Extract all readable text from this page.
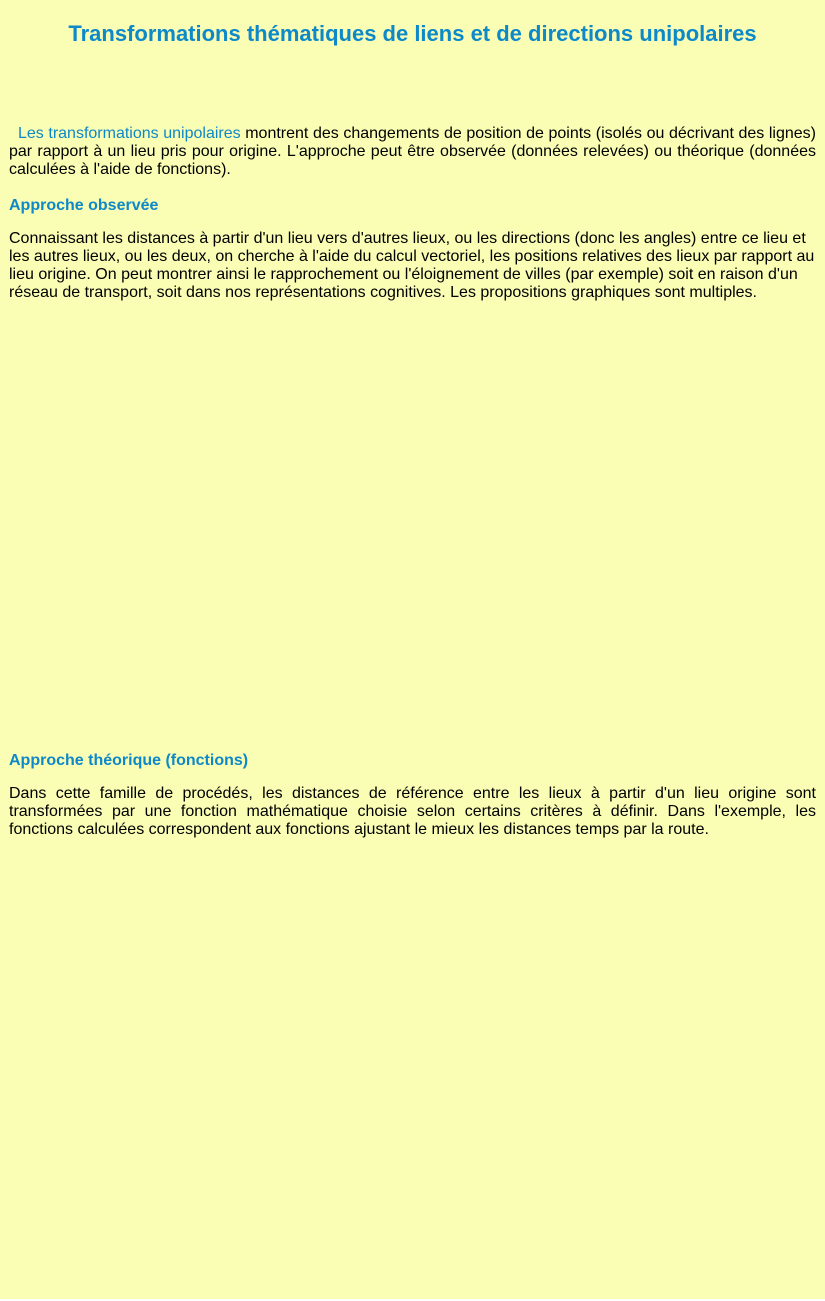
Transformations thématiques de liens et de directions unipolaires

Les transformations unipolaires montrent des changements de position de points (isolés ou décrivant des lignes) par rapport à un lieu pris pour origine. L'approche peut être observée (données relevées) ou théorique (données calculées à l'aide de fonctions).

Approche observée

Connaissant les distances à partir d'un lieu vers d'autres lieux, ou les directions (donc les angles) entre ce lieu et les autres lieux, ou les deux, on cherche à l'aide du calcul vectoriel, les positions relatives des lieux par rapport au lieu origine. On peut montrer ainsi le rapprochement ou l'éloignement de villes (par exemple) soit en raison d'un réseau de transport, soit dans nos représentations cognitives. Les propositions graphiques sont multiples.

Approche théorique (fonctions)

Dans cette famille de procédés, les distances de référence entre les lieux à partir d'un lieu origine sont transformées par une fonction mathématique choisie selon certains critères à définir. Dans l'exemple, les fonctions calculées correspondent aux fonctions ajustant le mieux les distances temps par la route.
